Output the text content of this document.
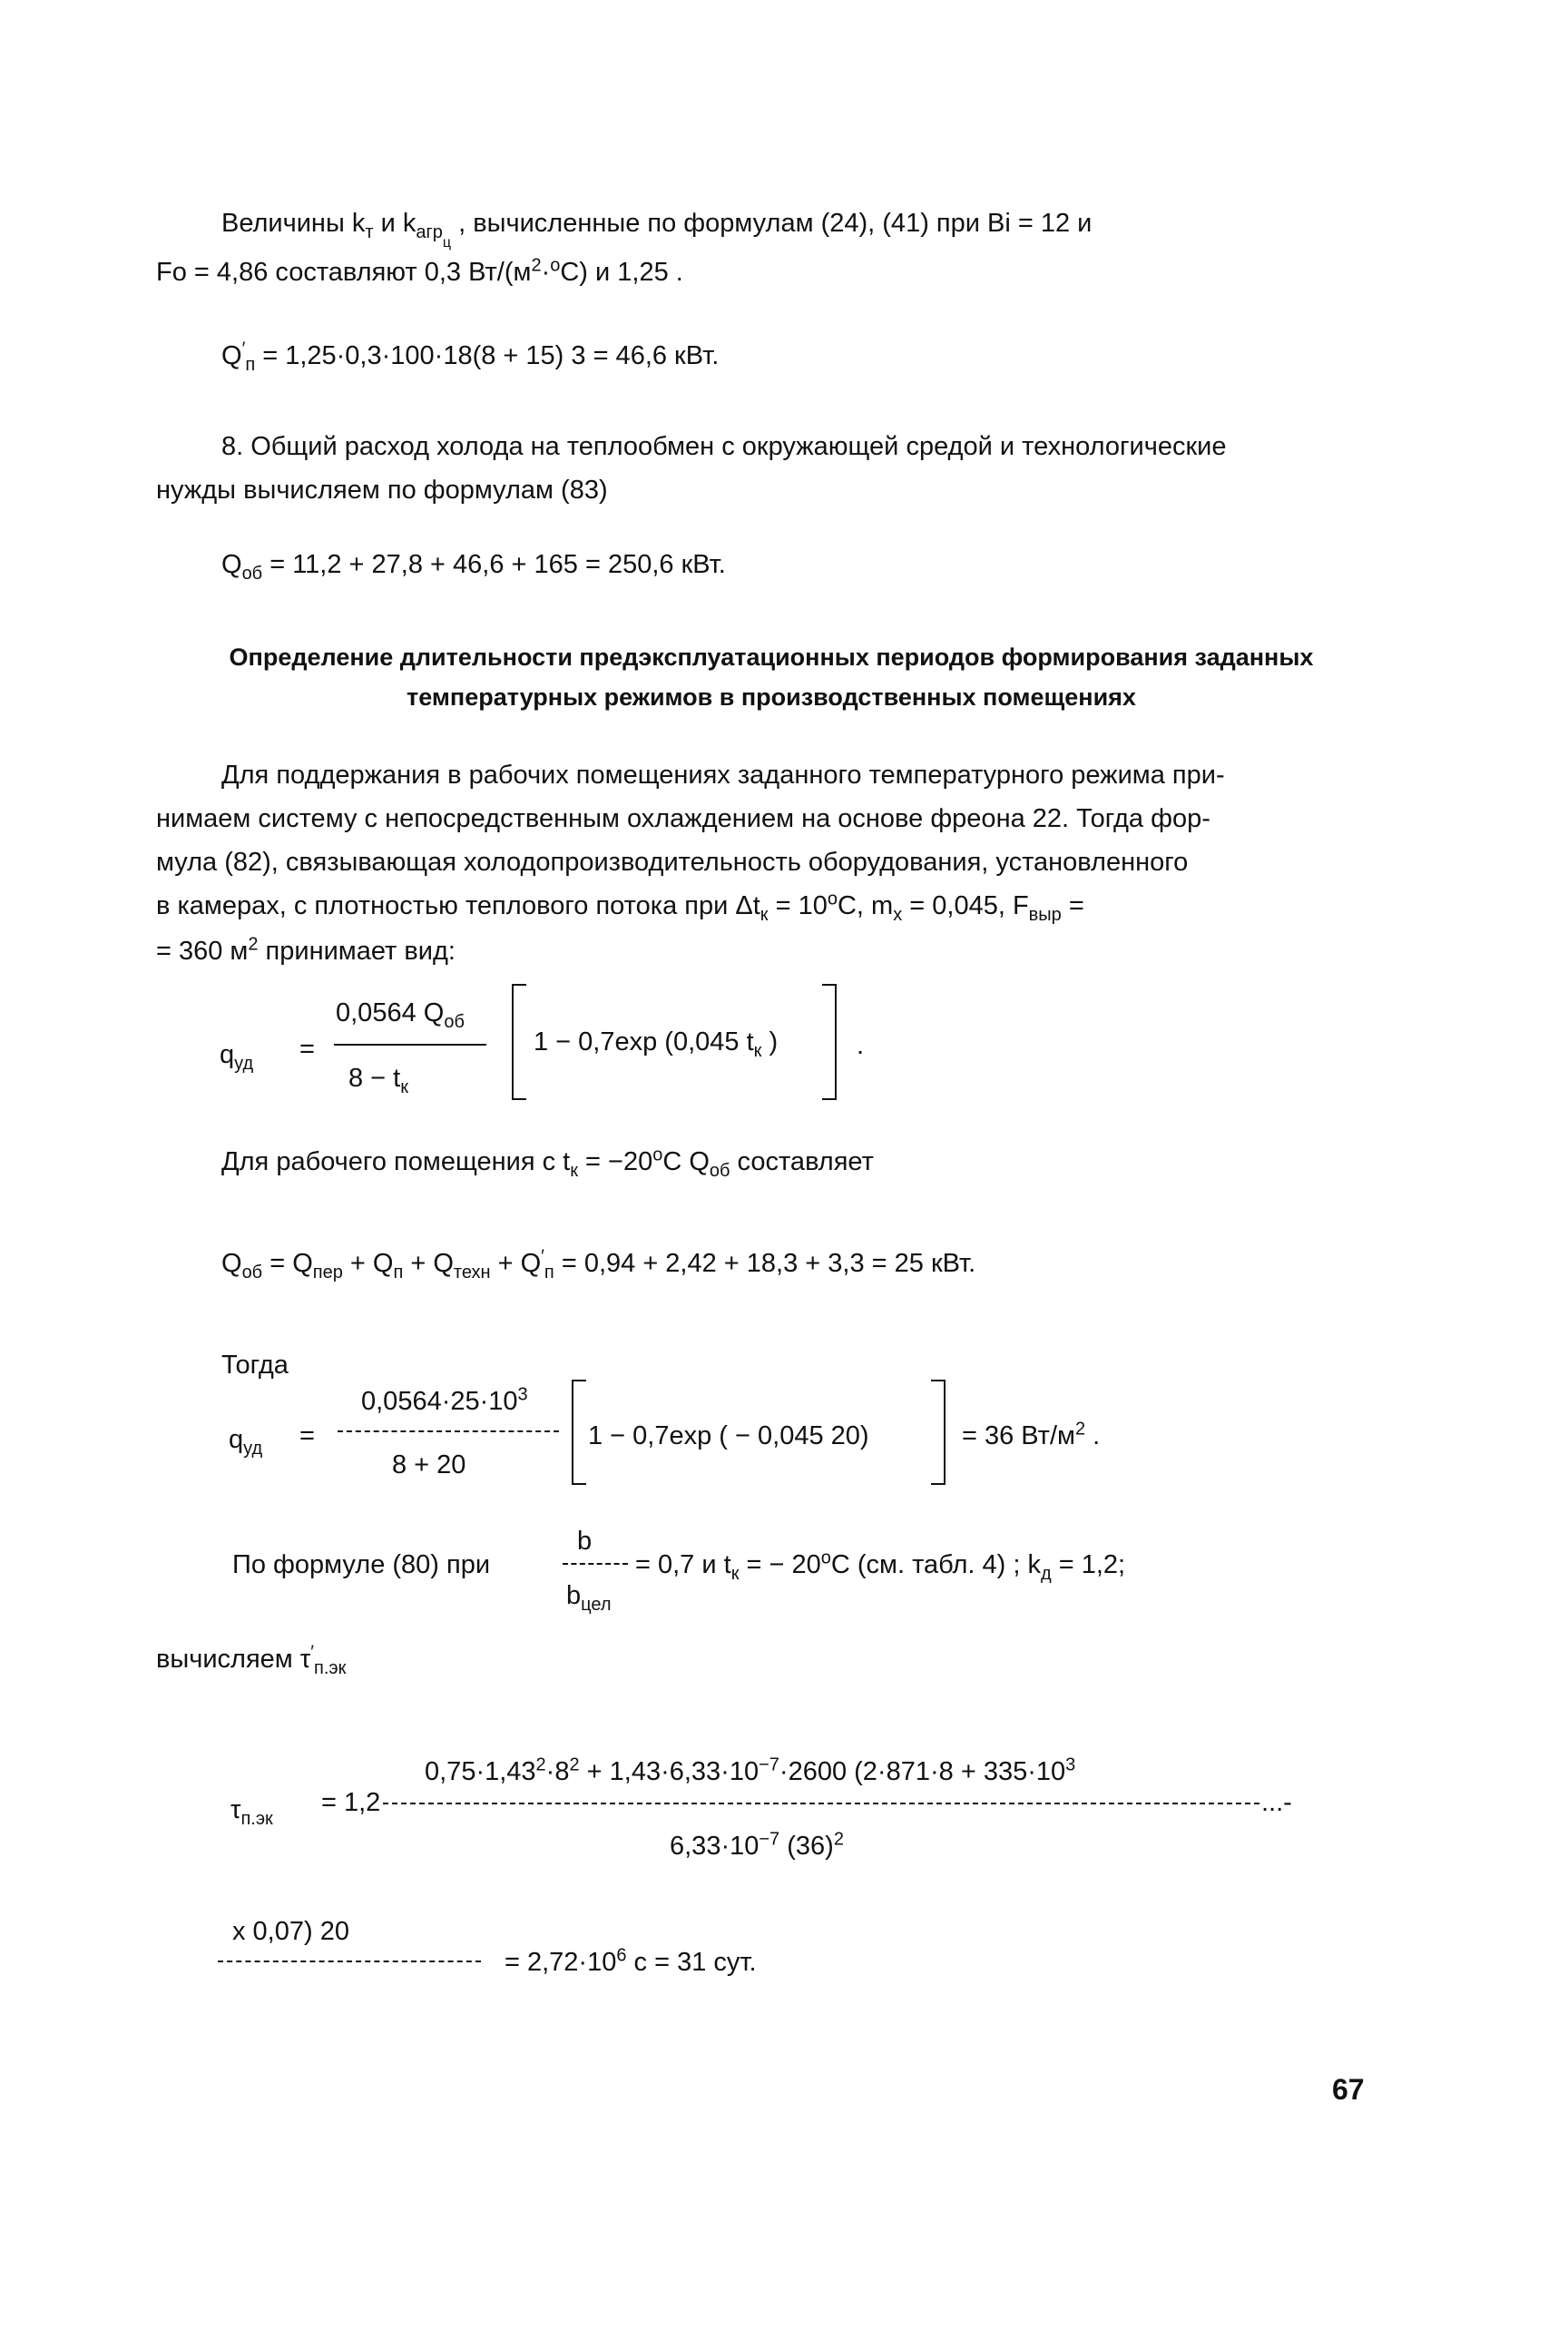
Величины $k_т$ и $k_{агр_ц}$ , вычисленные по формулам (24), (41) при Bi = 12 и
Fo = 4,86 составляют 0,3 $Вт/(м^2\cdot^оС)$ и 1,25 .
$Q'_п = 1,25\cdot 0,3\cdot 100\cdot 18(8 + 15) 3 = 46,6$ кВт.
8. Общий расход холода на теплообмен с окружающей средой и технологические
нужды вычисляем по формулам (83)
$Q_{об} = 11,2 + 27,8 + 46,6 + 165 = 250,6$ кВт.
Определение длительности предэксплуатационных периодов формирования заданных
температурных режимов в производственных помещениях
Для поддержания в рабочих помещениях заданного температурного режима при-
нимаем систему с непосредственным охлаждением на основе фреона 22. Тогда фор-
мула (82), связывающая холодопроизводительность оборудования, установленного
в камерах, с плотностью теплового потока при $\Delta t_к = 10^оС$, $m_х = 0,045$, $F_{выр}$ =
= 360 $м^2$ принимает вид:
$q_{уд}$ =
0,0564 $Q_{об}$
$8 - t_к$
1 − 0,7exp (0,045 $t_к$ )	.
Для рабочего помещения с $t_к = -20^оС$ $Q_{об}$ составляет
$Q_{об} = Q_{пер} + Q_п + Q_{техн} + Q'_п = 0,94 + 2,42 + 18,3 + 3,3 = 25$ кВт.
Тогда
$q_{уд}$ =
$0,0564\cdot 25\cdot 10^3$
8 + 20
1 − 0,7exp ( − 0,045 20)	= 36 $Вт/м^2$ .
По формуле (80) при
b
$b_{цел}$
= 0,7 и $t_к$ = − $20^оС$ (см. табл. 4) ; $k_д = 1,2$;
вычисляем $\tau'_{п.эк}$
$\tau_{п.эк}$
= 1,2
$0,75\cdot 1,43^2\cdot 8^2 + 1,43\cdot 6,33\cdot 10^{-7}\cdot 2600$ ($2\cdot 871\cdot 8 + 335\cdot 10^3$
...-
$6,33\cdot 10^{-7}$ $(36)^2$
x 0,07) 20
= $2,72\cdot 10^6$ с = 31 сут.
67
